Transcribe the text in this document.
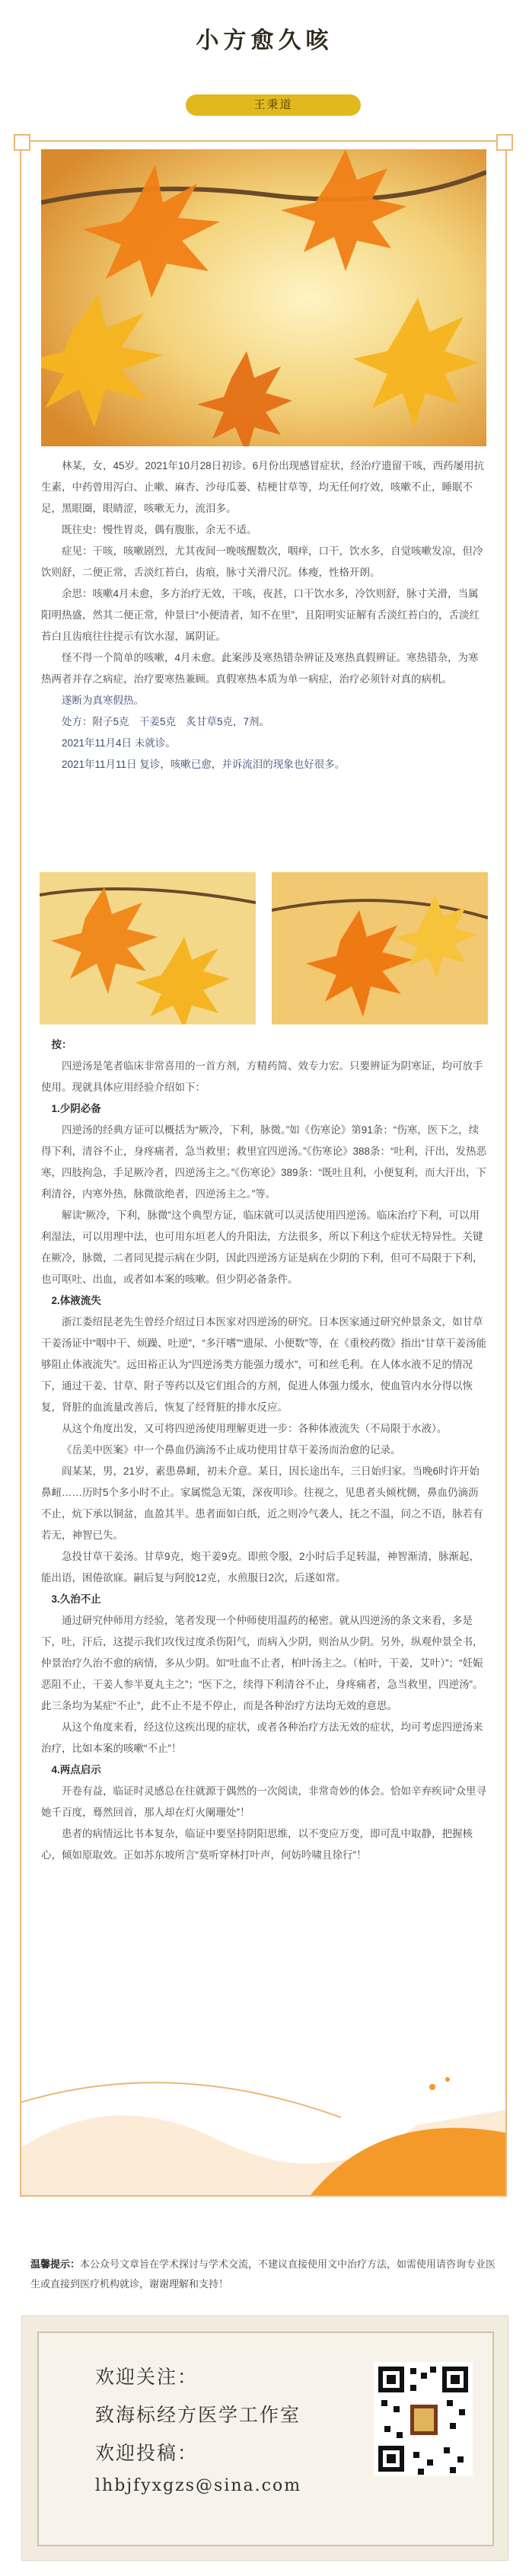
小方愈久咳
王秉道

林某，女，45岁。2021年10月28日初诊。6月份出现感冒症状，经治疗遗留干咳，西药屡用抗生素，中药曾用泻白、止嗽、麻杏、沙母瓜蒌、桔梗甘草等，均无任何疗效，咳嗽不止，睡眠不足，黑眼圈，眼睛涩，咳嗽无力，流泪多。

既往史：慢性胃炎，偶有腹胀，余无不适。

症见：干咳，咳嗽剧烈，尤其夜间一晚咳醒数次，咽痒，口干，饮水多，自觉咳嗽发凉，但冷饮则舒，二便正常，舌淡红苔白，齿痕，脉寸关滑尺沉。体瘦，性格开朗。

余思：咳嗽4月未愈，多方治疗无效，干咳，夜甚，口干饮水多，冷饮则舒，脉寸关滑，当属阳明热盛，然其二便正常，仲景曰“小便清者，知不在里”，且阳明实证解有舌淡红苔白的，舌淡红苔白且齿痕往往提示有饮水湿，属阴证。

怪不得一个简单的咳嗽，4月未愈。此案涉及寒热错杂辨证及寒热真假辨证。寒热错杂，为寒热两者并存之病症，治疗要寒热兼顾。真假寒热本质为单一病症，治疗必须针对真的病机。

遂断为真寒假热。

处方：附子5克　干姜5克　炙甘草5克，7剂。

2021年11月4日 未就诊。

2021年11月11日 复诊，咳嗽已愈，并诉流泪的现象也好很多。

按：

四逆汤是笔者临床非常喜用的一首方剂，方精药简、效专力宏。只要辨证为阴寒证，均可放手使用。现就具体应用经验介绍如下：

1.少阴必备

四逆汤的经典方证可以概括为“厥冷，下利，脉微。”如《伤寒论》第91条：“伤寒，医下之，续得下利，清谷不止，身疼痛者，急当救里；救里宜四逆汤。”《伤寒论》388条：“吐利，汗出，发热恶寒，四肢拘急，手足厥冷者，四逆汤主之。”《伤寒论》389条：“既吐且利，小便复利，而大汗出，下利清谷，内寒外热，脉微欲绝者，四逆汤主之。”等。

解读“厥冷，下利，脉微”这个典型方证，临床就可以灵活使用四逆汤。临床治疗下利，可以用利湿法，可以用理中法，也可用东垣老人的升阳法，方法很多，所以下利这个症状无特异性。关键在厥冷，脉微，二者同见提示病在少阴，因此四逆汤方证是病在少阴的下利，但可不局限于下利，也可呕吐、出血，或者如本案的咳嗽。但少阴必备条件。

2.体液流失

浙江娄绍昆老先生曾经介绍过日本医家对四逆汤的研究。日本医家通过研究仲景条文，如甘草干姜汤证中“咽中干、烦躁、吐逆”，“多汗嗜”“遗尿、小便数”等，在《重校药徵》指出“甘草干姜汤能够阻止体液流失”。远田裕正认为“四逆汤类方能强力缓水”，可和丝毛利。在人体水液不足的情况下，通过干姜、甘草、附子等药以及它们组合的方剂，促进人体强力缓水，使血管内水分得以恢复，肾脏的血流量改善后，恢复了经肾脏的排水反应。

从这个角度出发，又可将四逆汤使用理解更进一步：各种体液流失（不局限于水液）。

《岳美中医案》中一个鼻血仍滴汤不止成功使用甘草干姜汤而治愈的记录。

阎某某，男，21岁，素患鼻衄，初未介意。某日，因长途出车，三日始归家。当晚6时许开始鼻衄……历时5个多小时不止。家属慌急无策，深夜叩诊。往视之，见患者头倾枕侧，鼻血仍滴沥不止，炕下承以铜盆，血盈其半。患者面如白纸，近之则冷气袭人，抚之不温，问之不语，脉若有若无，神智已失。

急投甘草干姜汤。甘草9克，炮干姜9克。即煎令服，2小时后手足转温，神智渐清，脉渐起，能出语，困倦欲寐。嗣后复与阿胶12克，水煎服日2次，后遂如常。

3.久治不止

通过研究仲师用方经验，笔者发现一个仲师使用温药的秘密。就从四逆汤的条文来看，多是下，吐，汗后，这提示我们攻伐过度杀伤阳气，而病入少阴，则治从少阴。另外，纵观仲景全书，仲景治疗久治不愈的病情，多从少阴。如“吐血不止者，柏叶汤主之。（柏叶，干姜，艾叶）”；“妊娠恶阻不止，干姜人参半夏丸主之”；“医下之，续得下利清谷不止，身疼痛者，急当救里，四逆汤”。此三条均为某症“不止”，此不止不是不停止，而是各种治疗方法均无效的意思。

从这个角度来看，经这位这疾出现的症状，或者各种治疗方法无效的症状，均可考虑四逆汤来治疗，比如本案的咳嗽“不止”！

4.两点启示

开卷有益，临证时灵感总在往就源于偶然的一次阅读，非常奇妙的体会。恰如辛弃疾词“众里寻她千百度，蓦然回首，那人却在灯火阑珊处”！

患者的病情远比书本复杂，临证中要坚持阴阳思维，以不变应万变，即可乱中取静，把握核心，倾如原取效。正如苏东坡所言“莫听穿林打叶声，何妨吟啸且徐行”！

温馨提示：本公众号文章旨在学术探讨与学术交流，不建议直接使用文中治疗方法，如需使用请咨询专业医生或直接到医疗机构就诊，谢谢理解和支持！
欢迎关注：
致海标经方医学工作室
欢迎投稿：
lhbjfyxgzs@sina.com
